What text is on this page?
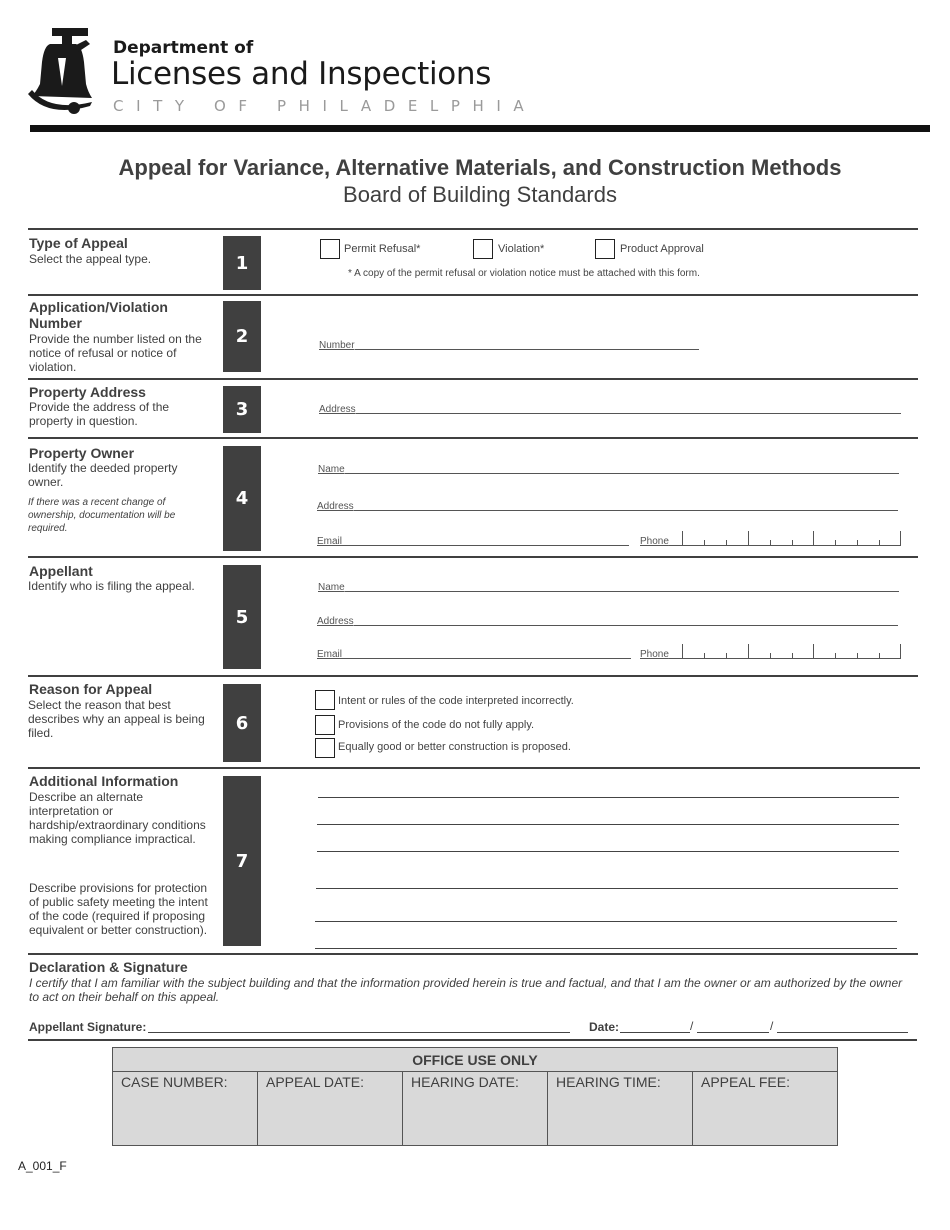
Department of
Licenses and Inspections
CITY OF PHILADELPHIA
Appeal for Variance, Alternative Materials, and Construction Methods
Board of Building Standards
Type of Appeal
Select the appeal type.	1
Permit Refusal*	Violation*	Product Approval
* A copy of the permit refusal or violation notice must be attached with this form.
Application/Violation Number
Provide the number listed on the notice of refusal or notice of violation.
2	Number
Property Address
Provide the address of the property in question.
3	Address
Property Owner
Identify the deeded property owner.
If there was a recent change of ownership, documentation will be required.
4
Name
Address
Email	Phone
Appellant
Identify who is filing the appeal.
5
Name
Address
Email	Phone
Reason for Appeal
Select the reason that best describes why an appeal is being filed.	6
Intent or rules of the code interpreted incorrectly.
Provisions of the code do not fully apply.
Equally good or better construction is proposed.
Additional Information
Describe an alternate interpretation or hardship/extraordinary conditions making compliance impractical.
Describe provisions for protection of public safety meeting the intent of the code (required if proposing equivalent or better construction).
7
Declaration & Signature
I certify that I am familiar with the subject building and that the information provided herein is true and factual, and that I am the owner or am authorized by the owner to act on their behalf on this appeal.
Appellant Signature:	Date:	/	/
OFFICE USE ONLY
CASE NUMBER:	APPEAL DATE:	HEARING DATE:	HEARING TIME:	APPEAL FEE:
A_001_F
